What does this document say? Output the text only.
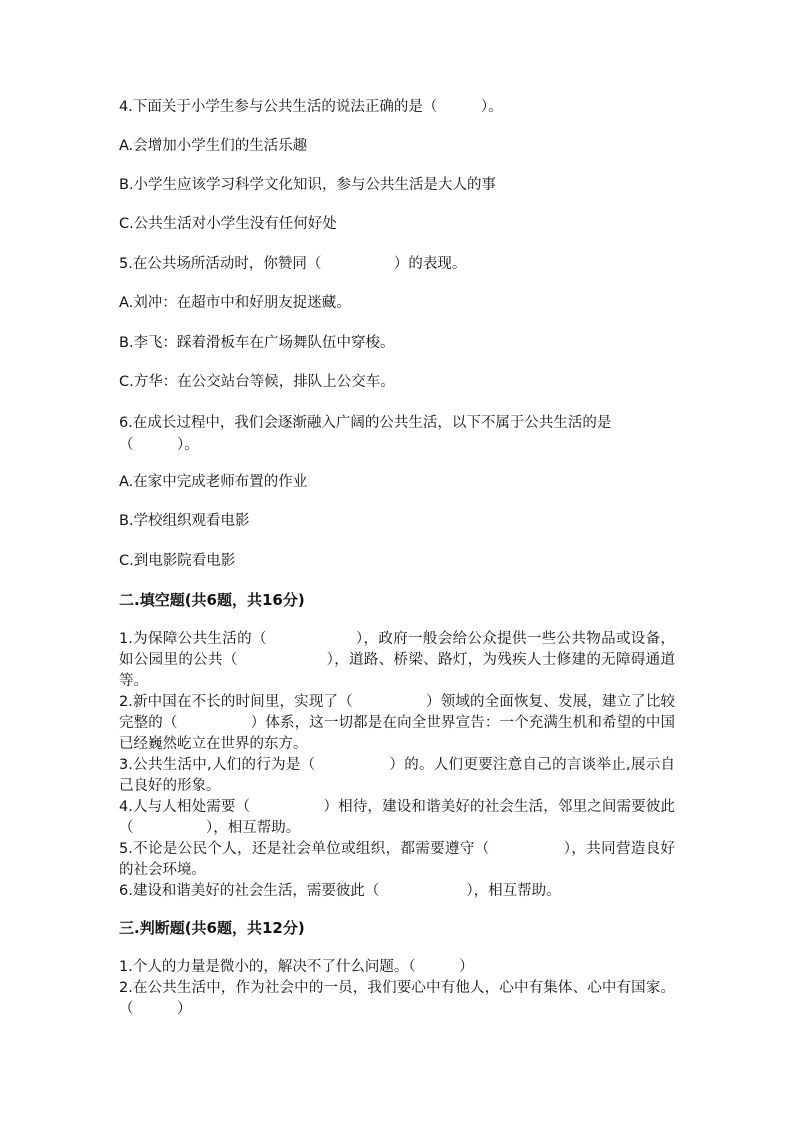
4.下面关于小学生参与公共生活的说法正确的是（　　　）。
A.会增加小学生们的生活乐趣
B.小学生应该学习科学文化知识，参与公共生活是大人的事
C.公共生活对小学生没有任何好处
5.在公共场所活动时，你赞同（　　　　　）的表现。
A.刘冲：在超市中和好朋友捉迷藏。
B.李飞：踩着滑板车在广场舞队伍中穿梭。
C.方华：在公交站台等候，排队上公交车。
6.在成长过程中，我们会逐渐融入广阔的公共生活，以下不属于公共生活的是（　　　）。
A.在家中完成老师布置的作业
B.学校组织观看电影
C.到电影院看电影
二.填空题(共6题，共16分)

1.为保障公共生活的（　　　　　　），政府一般会给公众提供一些公共物品或设备，如公园里的公共（　　　　　　），道路、桥梁、路灯，为残疾人士修建的无障碍通道等。

2.新中国在不长的时间里，实现了（　　　　　）领域的全面恢复、发展，建立了比较完整的（　　　　　）体系，这一切都是在向全世界宣告：一个充满生机和希望的中国已经巍然屹立在世界的东方。

3.公共生活中,人们的行为是（　　　　　）的。人们更要注意自己的言谈举止,展示自己良好的形象。

4.人与人相处需要（　　　　　）相待，建设和谐美好的社会生活，邻里之间需要彼此（　　　　　），相互帮助。

5.不论是公民个人，还是社会单位或组织，都需要遵守（　　　　　），共同营造良好的社会环境。

6.建设和谐美好的社会生活，需要彼此（　　　　　　），相互帮助。

三.判断题(共6题，共12分)

1.个人的力量是微小的，解决不了什么问题。（　　　）

2.在公共生活中，作为社会中的一员，我们要心中有他人，心中有集体、心中有国家。（　　　）
